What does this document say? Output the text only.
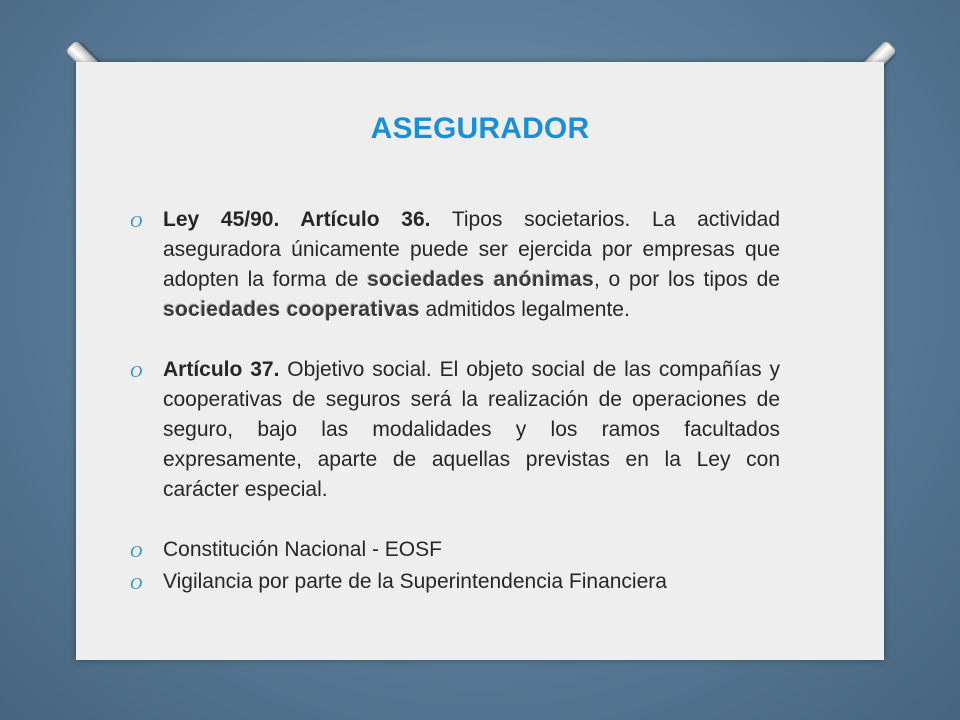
ASEGURADOR
O Ley 45/90. Artículo 36. Tipos societarios. La actividad aseguradora únicamente puede ser ejercida por empresas que adopten la forma de sociedades anónimas, o por los tipos de sociedades cooperativas admitidos legalmente.
O Artículo 37. Objetivo social. El objeto social de las compañías y cooperativas de seguros será la realización de operaciones de seguro, bajo las modalidades y los ramos facultados expresamente, aparte de aquellas previstas en la Ley con carácter especial.
O Constitución Nacional - EOSF
O Vigilancia por parte de la Superintendencia Financiera
